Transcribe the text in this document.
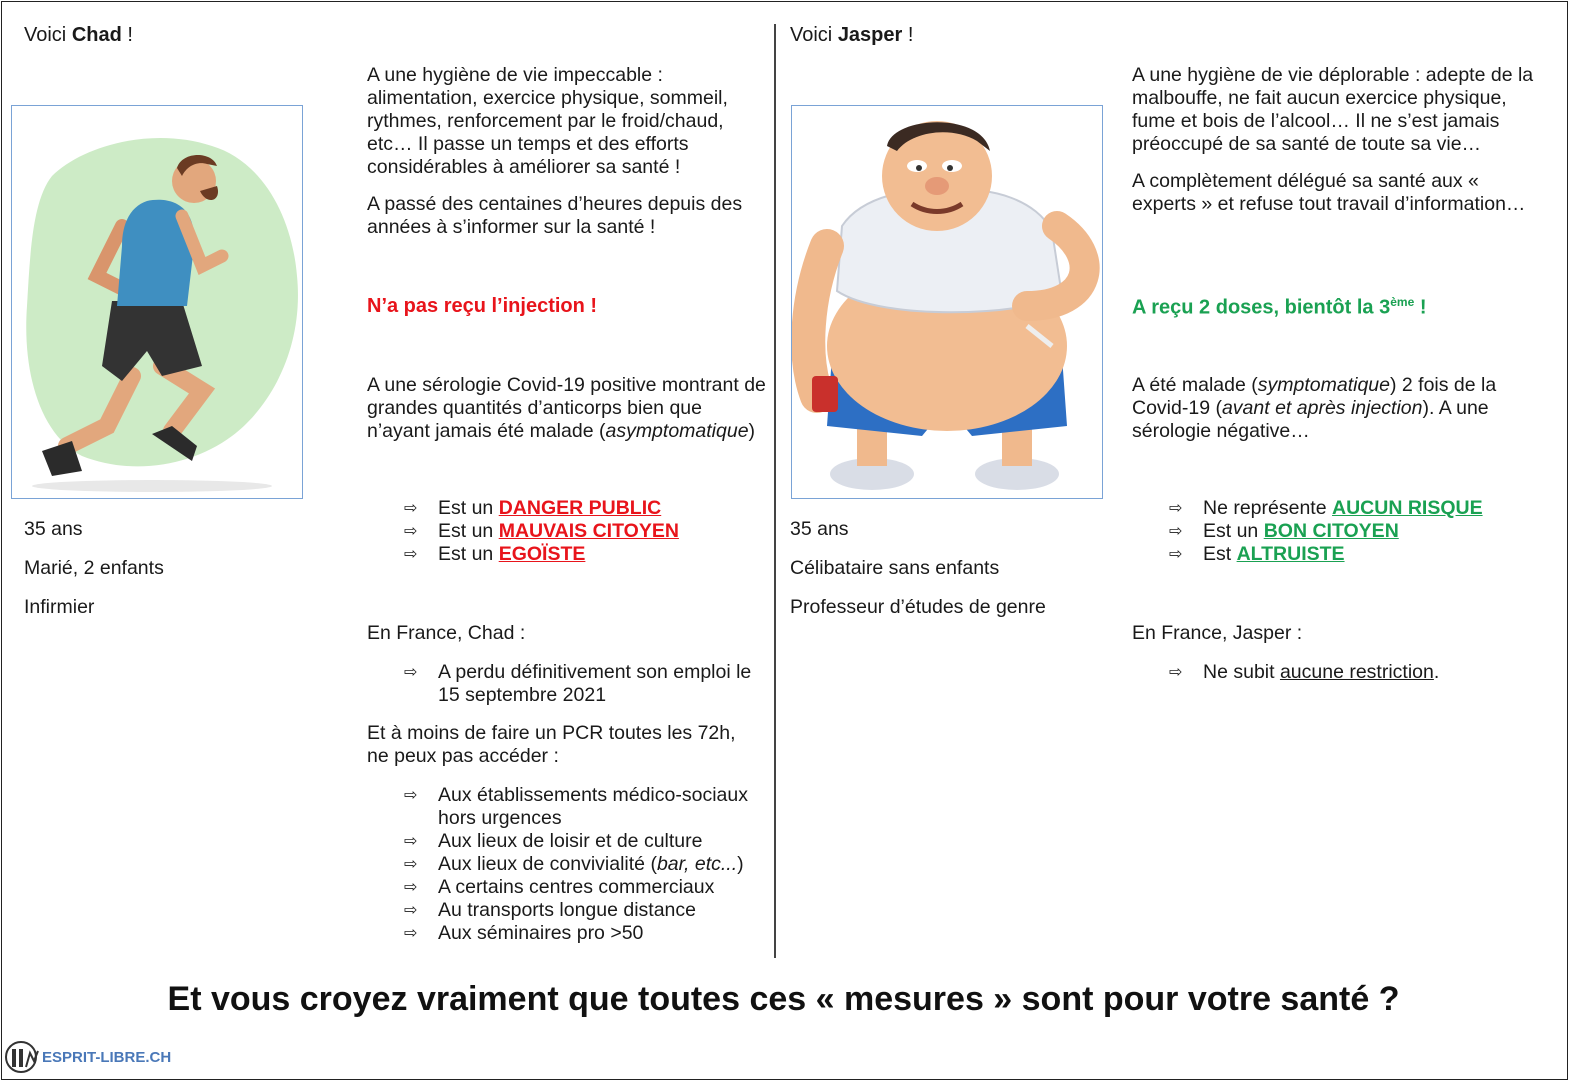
Voici Chad !
35 ans
Marié, 2 enfants
Infirmier
A une hygiène de vie impeccable : alimentation, exercice physique, sommeil, rythmes, renforcement par le froid/chaud, etc… Il passe un temps et des efforts considérables à améliorer sa santé !
A passé des centaines d’heures depuis des années à s’informer sur la santé !
N’a pas reçu l’injection !
A une sérologie Covid-19 positive montrant de grandes quantités d’anticorps bien que n’ayant jamais été malade (asymptomatique)
⇨ Est un DANGER PUBLIC
⇨ Est un MAUVAIS CITOYEN
⇨ Est un EGOÏSTE
En France, Chad :
⇨ A perdu définitivement son emploi le 15 septembre 2021
Et à moins de faire un PCR toutes les 72h, ne peux pas accéder :
⇨ Aux établissements médico-sociaux hors urgences
⇨ Aux lieux de loisir et de culture
⇨ Aux lieux de convivialité (bar, etc...)
⇨ A certains centres commerciaux
⇨ Au transports longue distance
⇨ Aux séminaires pro >50
Voici Jasper !
35 ans
Célibataire sans enfants
Professeur d’études de genre
A une hygiène de vie déplorable : adepte de la malbouffe, ne fait aucun exercice physique, fume et bois de l’alcool… Il ne s’est jamais préoccupé de sa santé de toute sa vie…
A complètement délégué sa santé aux « experts » et refuse tout travail d’information…
A reçu 2 doses, bientôt la 3ème !
A été malade (symptomatique) 2 fois de la Covid-19 (avant et après injection). A une sérologie négative…
⇨ Ne représente AUCUN RISQUE
⇨ Est un BON CITOYEN
⇨ Est ALTRUISTE
En France, Jasper :
⇨ Ne subit aucune restriction.
Et vous croyez vraiment que toutes ces « mesures » sont pour votre santé ?
ESPRIT-LIBRE.CH
